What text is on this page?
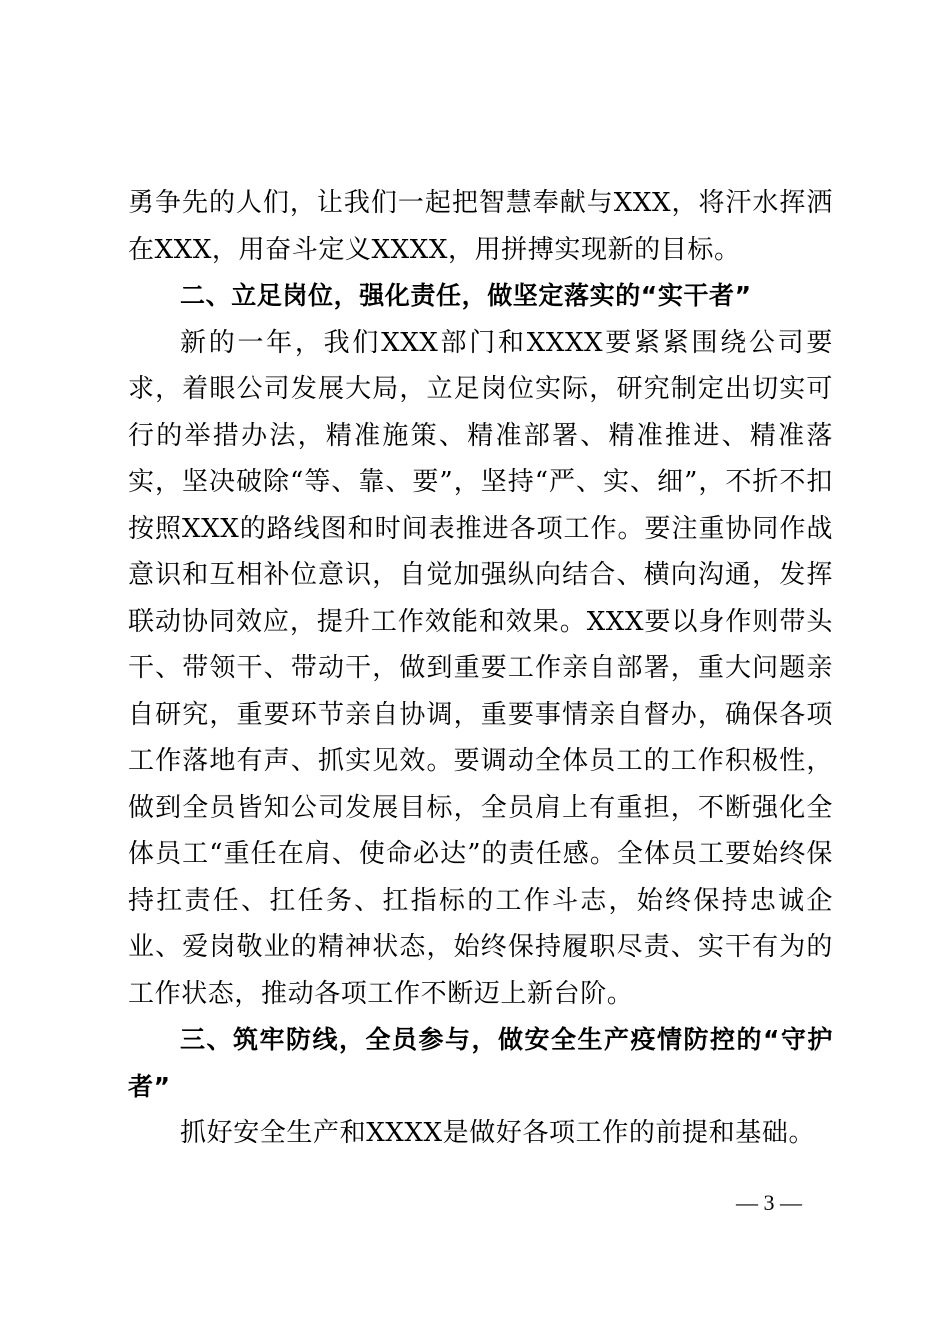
勇争先的人们，让我们一起把智慧奉献与XXX，将汗水挥洒在XXX，用奋斗定义XXXX，用拼搏实现新的目标。

二、立足岗位，强化责任，做坚定落实的“实干者”

新的一年，我们XXX部门和XXXX要紧紧围绕公司要求，着眼公司发展大局，立足岗位实际，研究制定出切实可行的举措办法，精准施策、精准部署、精准推进、精准落实，坚决破除“等、靠、要”，坚持“严、实、细”，不折不扣按照XXX的路线图和时间表推进各项工作。要注重协同作战意识和互相补位意识，自觉加强纵向结合、横向沟通，发挥联动协同效应，提升工作效能和效果。XXX要以身作则带头干、带领干、带动干，做到重要工作亲自部署，重大问题亲自研究，重要环节亲自协调，重要事情亲自督办，确保各项工作落地有声、抓实见效。要调动全体员工的工作积极性，做到全员皆知公司发展目标，全员肩上有重担，不断强化全体员工“重任在肩、使命必达”的责任感。全体员工要始终保持扛责任、扛任务、扛指标的工作斗志，始终保持忠诚企业、爱岗敬业的精神状态，始终保持履职尽责、实干有为的工作状态，推动各项工作不断迈上新台阶。

三、筑牢防线，全员参与，做安全生产疫情防控的“守护者”

抓好安全生产和XXXX是做好各项工作的前提和基础。

— 3 —
